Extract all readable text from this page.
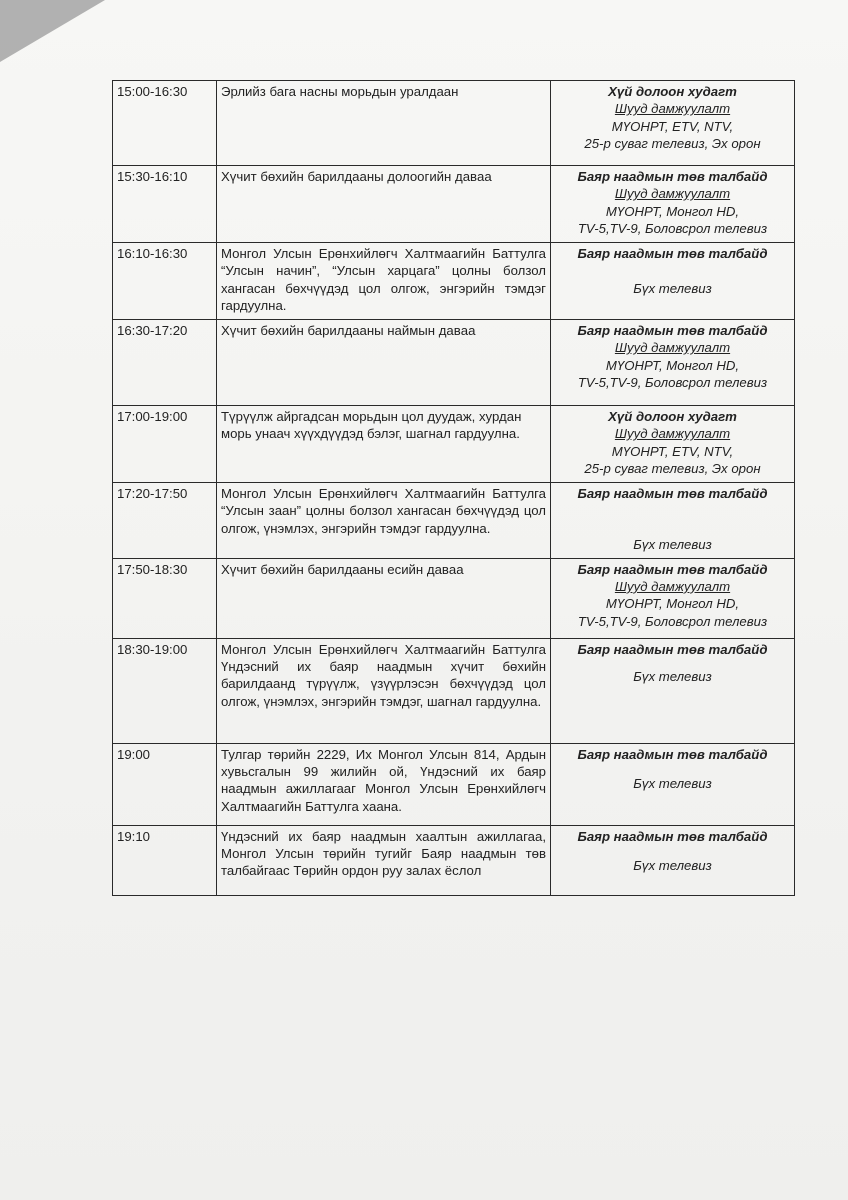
15:00-16:30	Эрлийз бага насны морьдын уралдаан	Хүй долоон худагт
Шууд дамжуулалт
МҮОНРТ, ETV, NTV,
25-р суваг телевиз, Эх орон

15:30-16:10	Хүчит бөхийн барилдааны долоогийн давaa	Баяр наадмын төв талбайд
Шууд дамжуулалт
МҮОНРТ, Монгол HD,
TV-5,TV-9, Боловсрол телевиз

16:10-16:30	Монгол Улсын Ерөнхийлөгч Халтмаагийн Баттулга “Улсын начин”, “Улсын харцага” цолны болзол хангасан бөхчүүдэд цол олгож, энгэрийн тэмдэг гардуулна.	Баяр наадмын төв талбайд
Бүх телевиз

16:30-17:20	Хүчит бөхийн барилдааны наймын давaa	Баяр наадмын төв талбайд
Шууд дамжуулалт
МҮОНРТ, Монгол HD,
TV-5,TV-9, Боловсрол телевиз

17:00-19:00	Түрүүлж айргадсан морьдын цол дуудаж, хурдан морь унаач хүүхдүүдэд бэлэг, шагнал гардуулна.	Хүй долоон худагт
Шууд дамжуулалт
МҮОНРТ, ETV, NTV,
25-р суваг телевиз, Эх орон

17:20-17:50	Монгол Улсын Ерөнхийлөгч Халтмаагийн Баттулга “Улсын заан” цолны болзол хангасан бөхчүүдэд цол олгож, үнэмлэх, энгэрийн тэмдэг гардуулна.	Баяр наадмын төв талбайд
Бүх телевиз

17:50-18:30	Хүчит бөхийн барилдааны есийн давaa	Баяр наадмын төв талбайд
Шууд дамжуулалт
МҮОНРТ, Монгол HD,
TV-5,TV-9, Боловсрол телевиз

18:30-19:00	Монгол Улсын Ерөнхийлөгч Халтмаагийн Баттулга Үндэсний их баяр наадмын хүчит бөхийн барилдаанд түрүүлж, үзүүрлэсэн бөхчүүдэд цол олгож, үнэмлэх, энгэрийн тэмдэг, шагнал гардуулна.	Баяр наадмын төв талбайд
Бүх телевиз

19:00	Тулгар төрийн 2229, Их Монгол Улсын 814, Ардын хувьсгалын 99 жилийн ой, Үндэсний их баяр наадмын ажиллагааг Монгол Улсын Ерөнхийлөгч Халтмаагийн Баттулга хаана.	Баяр наадмын төв талбайд
Бүх телевиз

19:10	Үндэсний их баяр наадмын хаалтын ажиллагаа, Монгол Улсын төрийн тугийг Баяр наадмын төв талбайгаас Төрийн ордон руу залах ёслол	Баяр наадмын төв талбайд
Бүх телевиз
